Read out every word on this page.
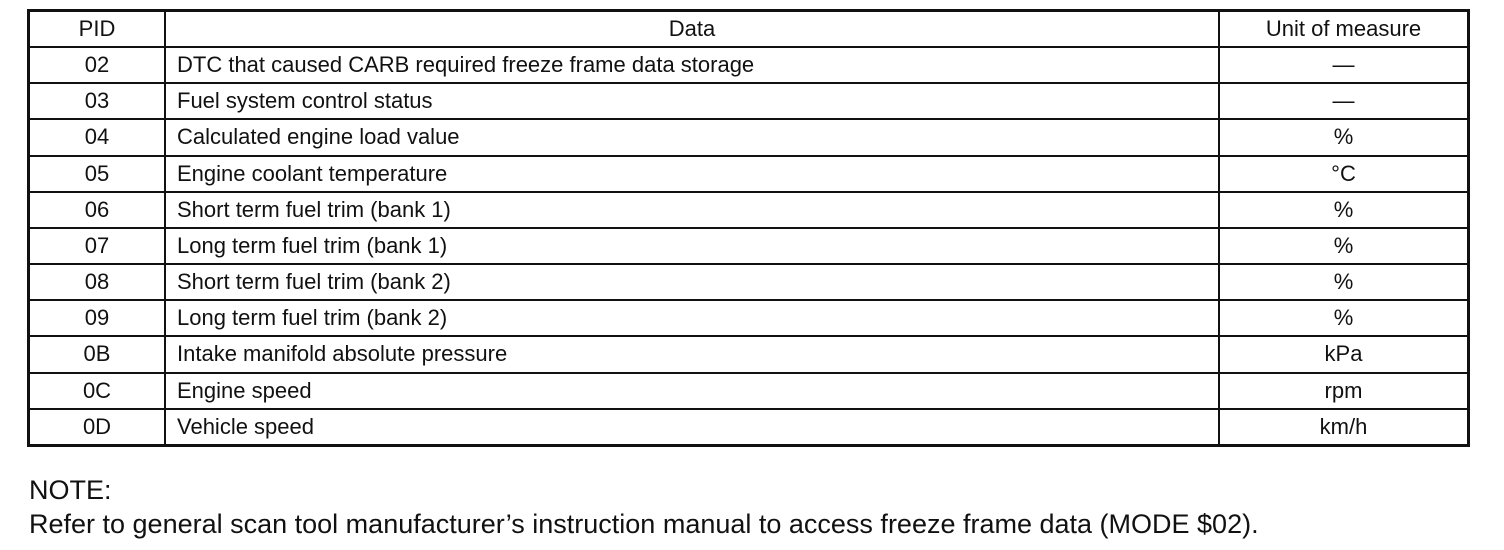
PID	Data	Unit of measure
02	DTC that caused CARB required freeze frame data storage	—
03	Fuel system control status	—
04	Calculated engine load value	%
05	Engine coolant temperature	°C
06	Short term fuel trim (bank 1)	%
07	Long term fuel trim (bank 1)	%
08	Short term fuel trim (bank 2)	%
09	Long term fuel trim (bank 2)	%
0B	Intake manifold absolute pressure	kPa
0C	Engine speed	rpm
0D	Vehicle speed	km/h
NOTE:
Refer to general scan tool manufacturer’s instruction manual to access freeze frame data (MODE $02).
